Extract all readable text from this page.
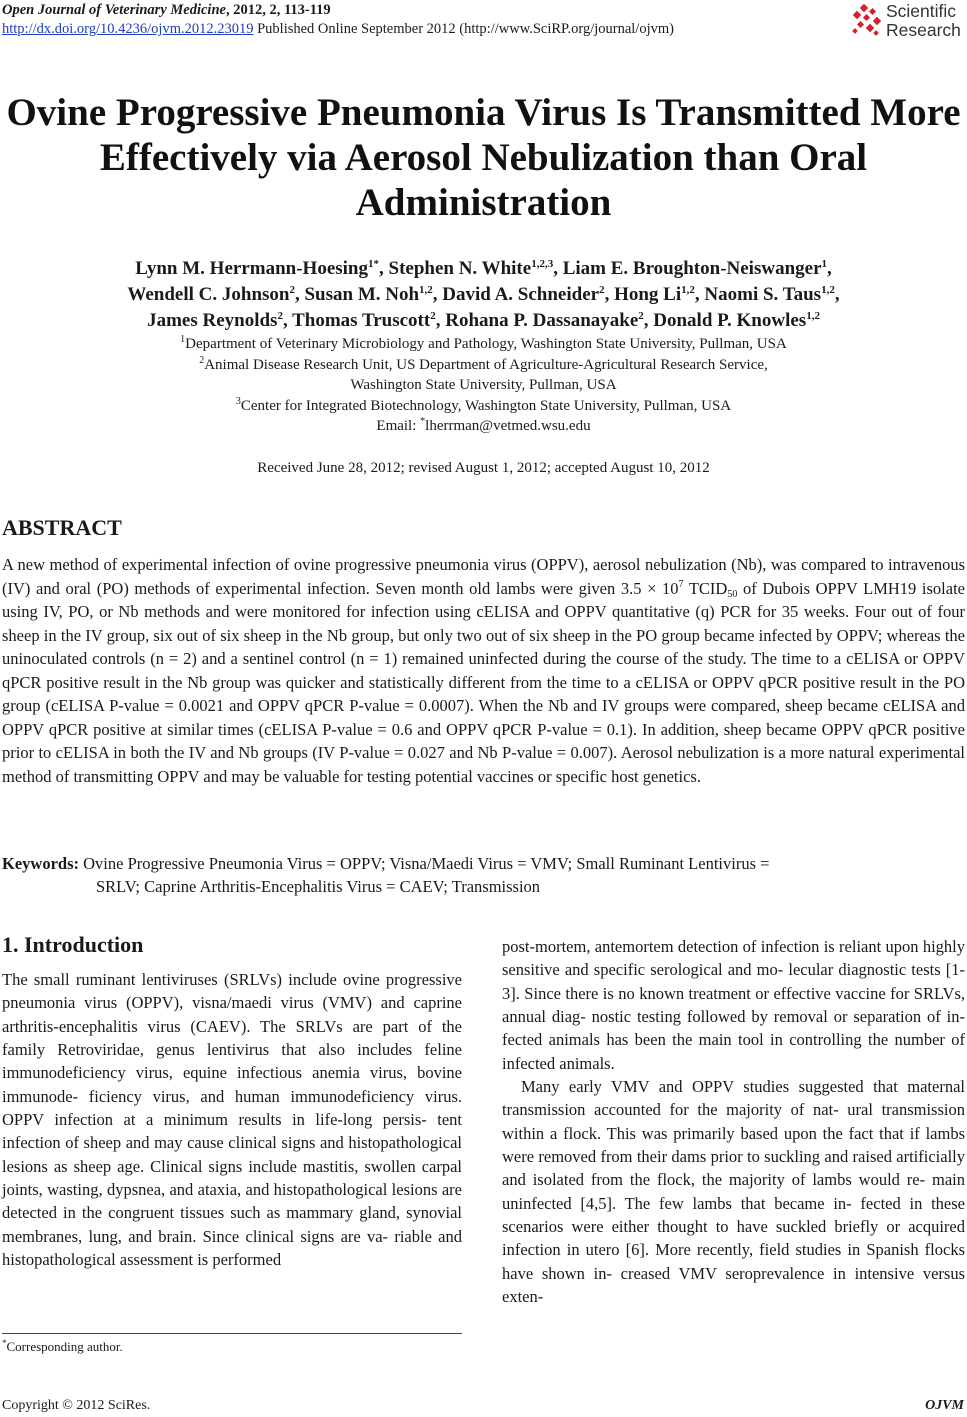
Open Journal of Veterinary Medicine, 2012, 2, 113-119
http://dx.doi.org/10.4236/ojvm.2012.23019 Published Online September 2012 (http://www.SciRP.org/journal/ojvm)
Scientific
Research
Ovine Progressive Pneumonia Virus Is Transmitted More
Effectively via Aerosol Nebulization than Oral
Administration
Lynn M. Herrmann-Hoesing$^{1*}$, Stephen N. White$^{1,2,3}$, Liam E. Broughton-Neiswanger$^1$,
Wendell C. Johnson$^2$, Susan M. Noh$^{1,2}$, David A. Schneider$^2$, Hong Li$^{1,2}$, Naomi S. Taus$^{1,2}$,
James Reynolds$^2$, Thomas Truscott$^2$, Rohana P. Dassanayake$^2$, Donald P. Knowles$^{1,2}$
$^1$Department of Veterinary Microbiology and Pathology, Washington State University, Pullman, USA
$^2$Animal Disease Research Unit, US Department of Agriculture-Agricultural Research Service,
Washington State University, Pullman, USA
$^3$Center for Integrated Biotechnology, Washington State University, Pullman, USA
Email: *lherrman@vetmed.wsu.edu
Received June 28, 2012; revised August 1, 2012; accepted August 10, 2012
ABSTRACT
A new method of experimental infection of ovine progressive pneumonia virus (OPPV), aerosol nebulization (Nb), was compared to intravenous (IV) and oral (PO) methods of experimental infection. Seven month old lambs were given $3.5 \times 10^7$ $TCID_{50}$ of Dubois OPPV LMH19 isolate using IV, PO, or Nb methods and were monitored for infection using cELISA and OPPV quantitative (q) PCR for 35 weeks. Four out of four sheep in the IV group, six out of six sheep in the Nb group, but only two out of six sheep in the PO group became infected by OPPV; whereas the uninoculated controls (n = 2) and a sentinel control (n = 1) remained uninfected during the course of the study. The time to a cELISA or OPPV qPCR positive result in the Nb group was quicker and statistically different from the time to a cELISA or OPPV qPCR positive result in the PO group (cELISA P-value = 0.0021 and OPPV qPCR P-value = 0.0007). When the Nb and IV groups were compared, sheep became cELISA and OPPV qPCR positive at similar times (cELISA P-value = 0.6 and OPPV qPCR P-value = 0.1). In addition, sheep became OPPV qPCR positive prior to cELISA in both the IV and Nb groups (IV P-value = 0.027 and Nb P-value = 0.007). Aerosol nebulization is a more natural experimental method of transmitting OPPV and may be valuable for testing potential vaccines or specific host genetics.
Keywords: Ovine Progressive Pneumonia Virus = OPPV; Visna/Maedi Virus = VMV; Small Ruminant Lentivirus =
SRLV; Caprine Arthritis-Encephalitis Virus = CAEV; Transmission
1. Introduction

The small ruminant lentiviruses (SRLVs) include ovine progressive pneumonia virus (OPPV), visna/maedi virus (VMV) and caprine arthritis-encephalitis virus (CAEV). The SRLVs are part of the family Retroviridae, genus lentivirus that also includes feline immunodeficiency virus, equine infectious anemia virus, bovine immunode- ficiency virus, and human immunodeficiency virus. OPPV infection at a minimum results in life-long persis- tent infection of sheep and may cause clinical signs and histopathological lesions as sheep age. Clinical signs include mastitis, swollen carpal joints, wasting, dypsnea, and ataxia, and histopathological lesions are detected in the congruent tissues such as mammary gland, synovial membranes, lung, and brain. Since clinical signs are va- riable and histopathological assessment is performed

post-mortem, antemortem detection of infection is reliant upon highly sensitive and specific serological and mo- lecular diagnostic tests [1-3]. Since there is no known treatment or effective vaccine for SRLVs, annual diag- nostic testing followed by removal or separation of in- fected animals has been the main tool in controlling the number of infected animals.

Many early VMV and OPPV studies suggested that maternal transmission accounted for the majority of nat- ural transmission within a flock. This was primarily based upon the fact that if lambs were removed from their dams prior to suckling and raised artificially and isolated from the flock, the majority of lambs would re- main uninfected [4,5]. The few lambs that became in- fected in these scenarios were either thought to have suckled briefly or acquired infection in utero [6]. More recently, field studies in Spanish flocks have shown in- creased VMV seroprevalence in intensive versus exten-

*Corresponding author.
Copyright © 2012 SciRes.	OJVM
